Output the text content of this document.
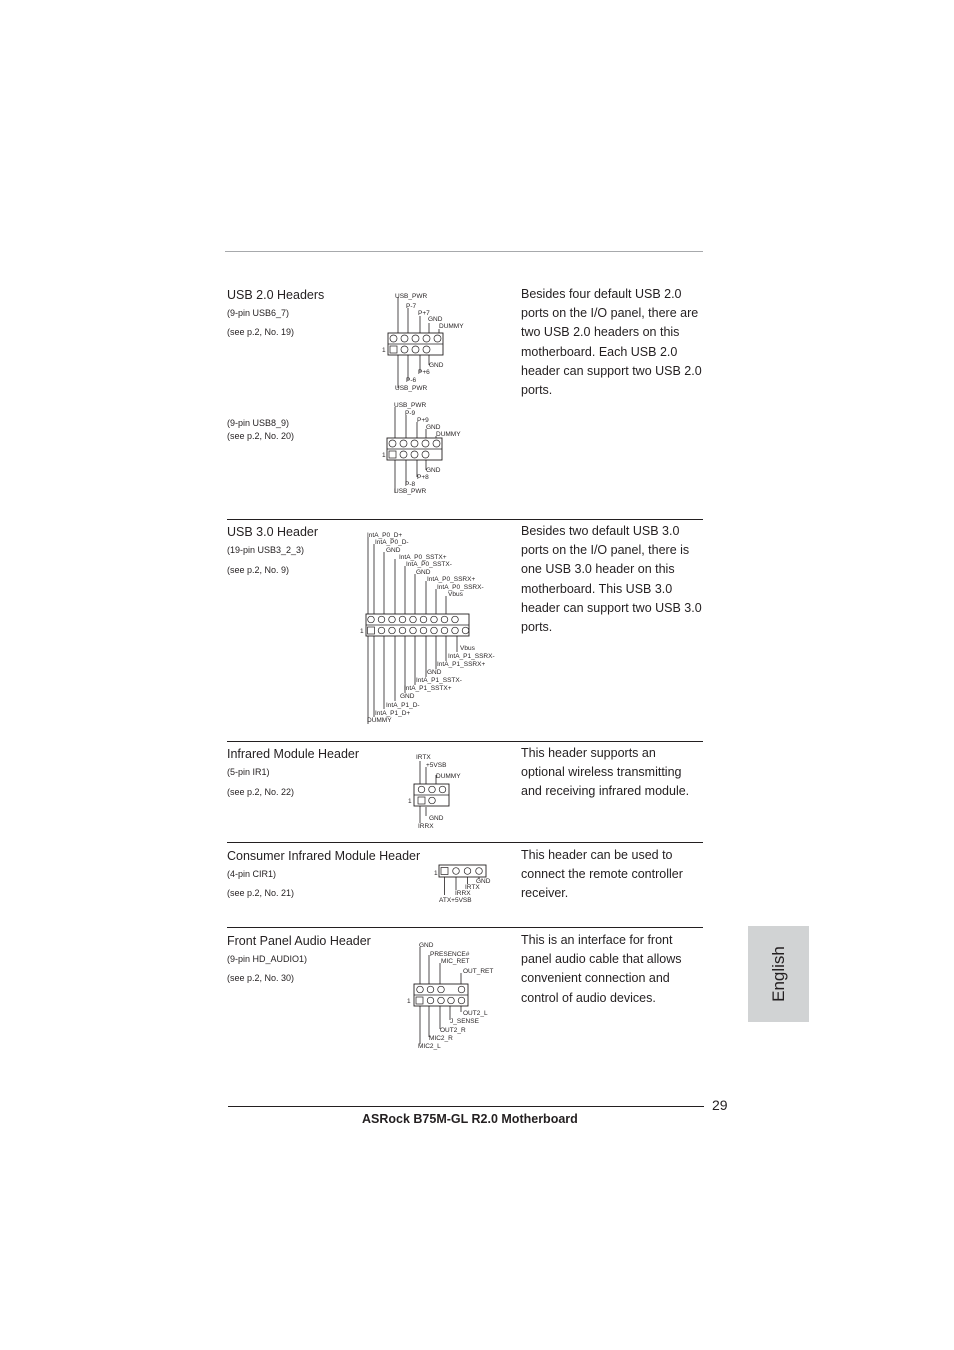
USB 2.0 Headers
(9-pin USB6_7)
(see p.2, No. 19)
(9-pin USB8_9)
(see p.2, No. 20)

Besides four default USB 2.0

ports on the I/O panel, there are

two USB 2.0 headers on this

motherboard. Each USB 2.0

header can support two USB 2.0

ports.

1
USB_PWR
P-7
P+7
GND
DUMMY
GND
P+6
P-6
USB_PWR
1
USB_PWR
P-9
P+9
GND
DUMMY
GND
P+8
P-8
USB_PWR
USB 3.0 Header
(19-pin USB3_2_3)
(see p.2, No. 9)

Besides two default USB 3.0

ports on the I/O panel, there is

one USB 3.0 header on this

motherboard. This USB 3.0

header can support two USB 3.0

ports.

1
IntA_P0_D+
IntA_P0_D-
GND
IntA_P0_SSTX+
IntA_P0_SSTX-
GND
IntA_P0_SSRX+
IntA_P0_SSRX-
Vbus
Vbus
IntA_P1_SSRX-
IntA_P1_SSRX+
GND
IntA_P1_SSTX-
IntA_P1_SSTX+
GND
IntA_P1_D-
IntA_P1_D+
DUMMY
Infrared Module Header
(5-pin IR1)
(see p.2, No. 22)

This header supports an

optional wireless transmitting

and receiving infrared module.

1
IRTX
+5VSB
DUMMY
GND
IRRX
Consumer Infrared Module Header
(4-pin CIR1)
(see p.2, No. 21)

This header can be used to

connect the remote controller

receiver.

1
GND
IRTX
IRRX
ATX+5VSB
Front Panel Audio Header
(9-pin HD_AUDIO1)
(see p.2, No. 30)

This is an interface for front

panel audio cable that allows

convenient connection and

control of audio devices.

1
GND
PRESENCE#
MIC_RET
OUT_RET
OUT2_L
J_SENSE
OUT2_R
MIC2_R
MIC2_L
English
29
ASRock B75M-GL R2.0 Motherboard
